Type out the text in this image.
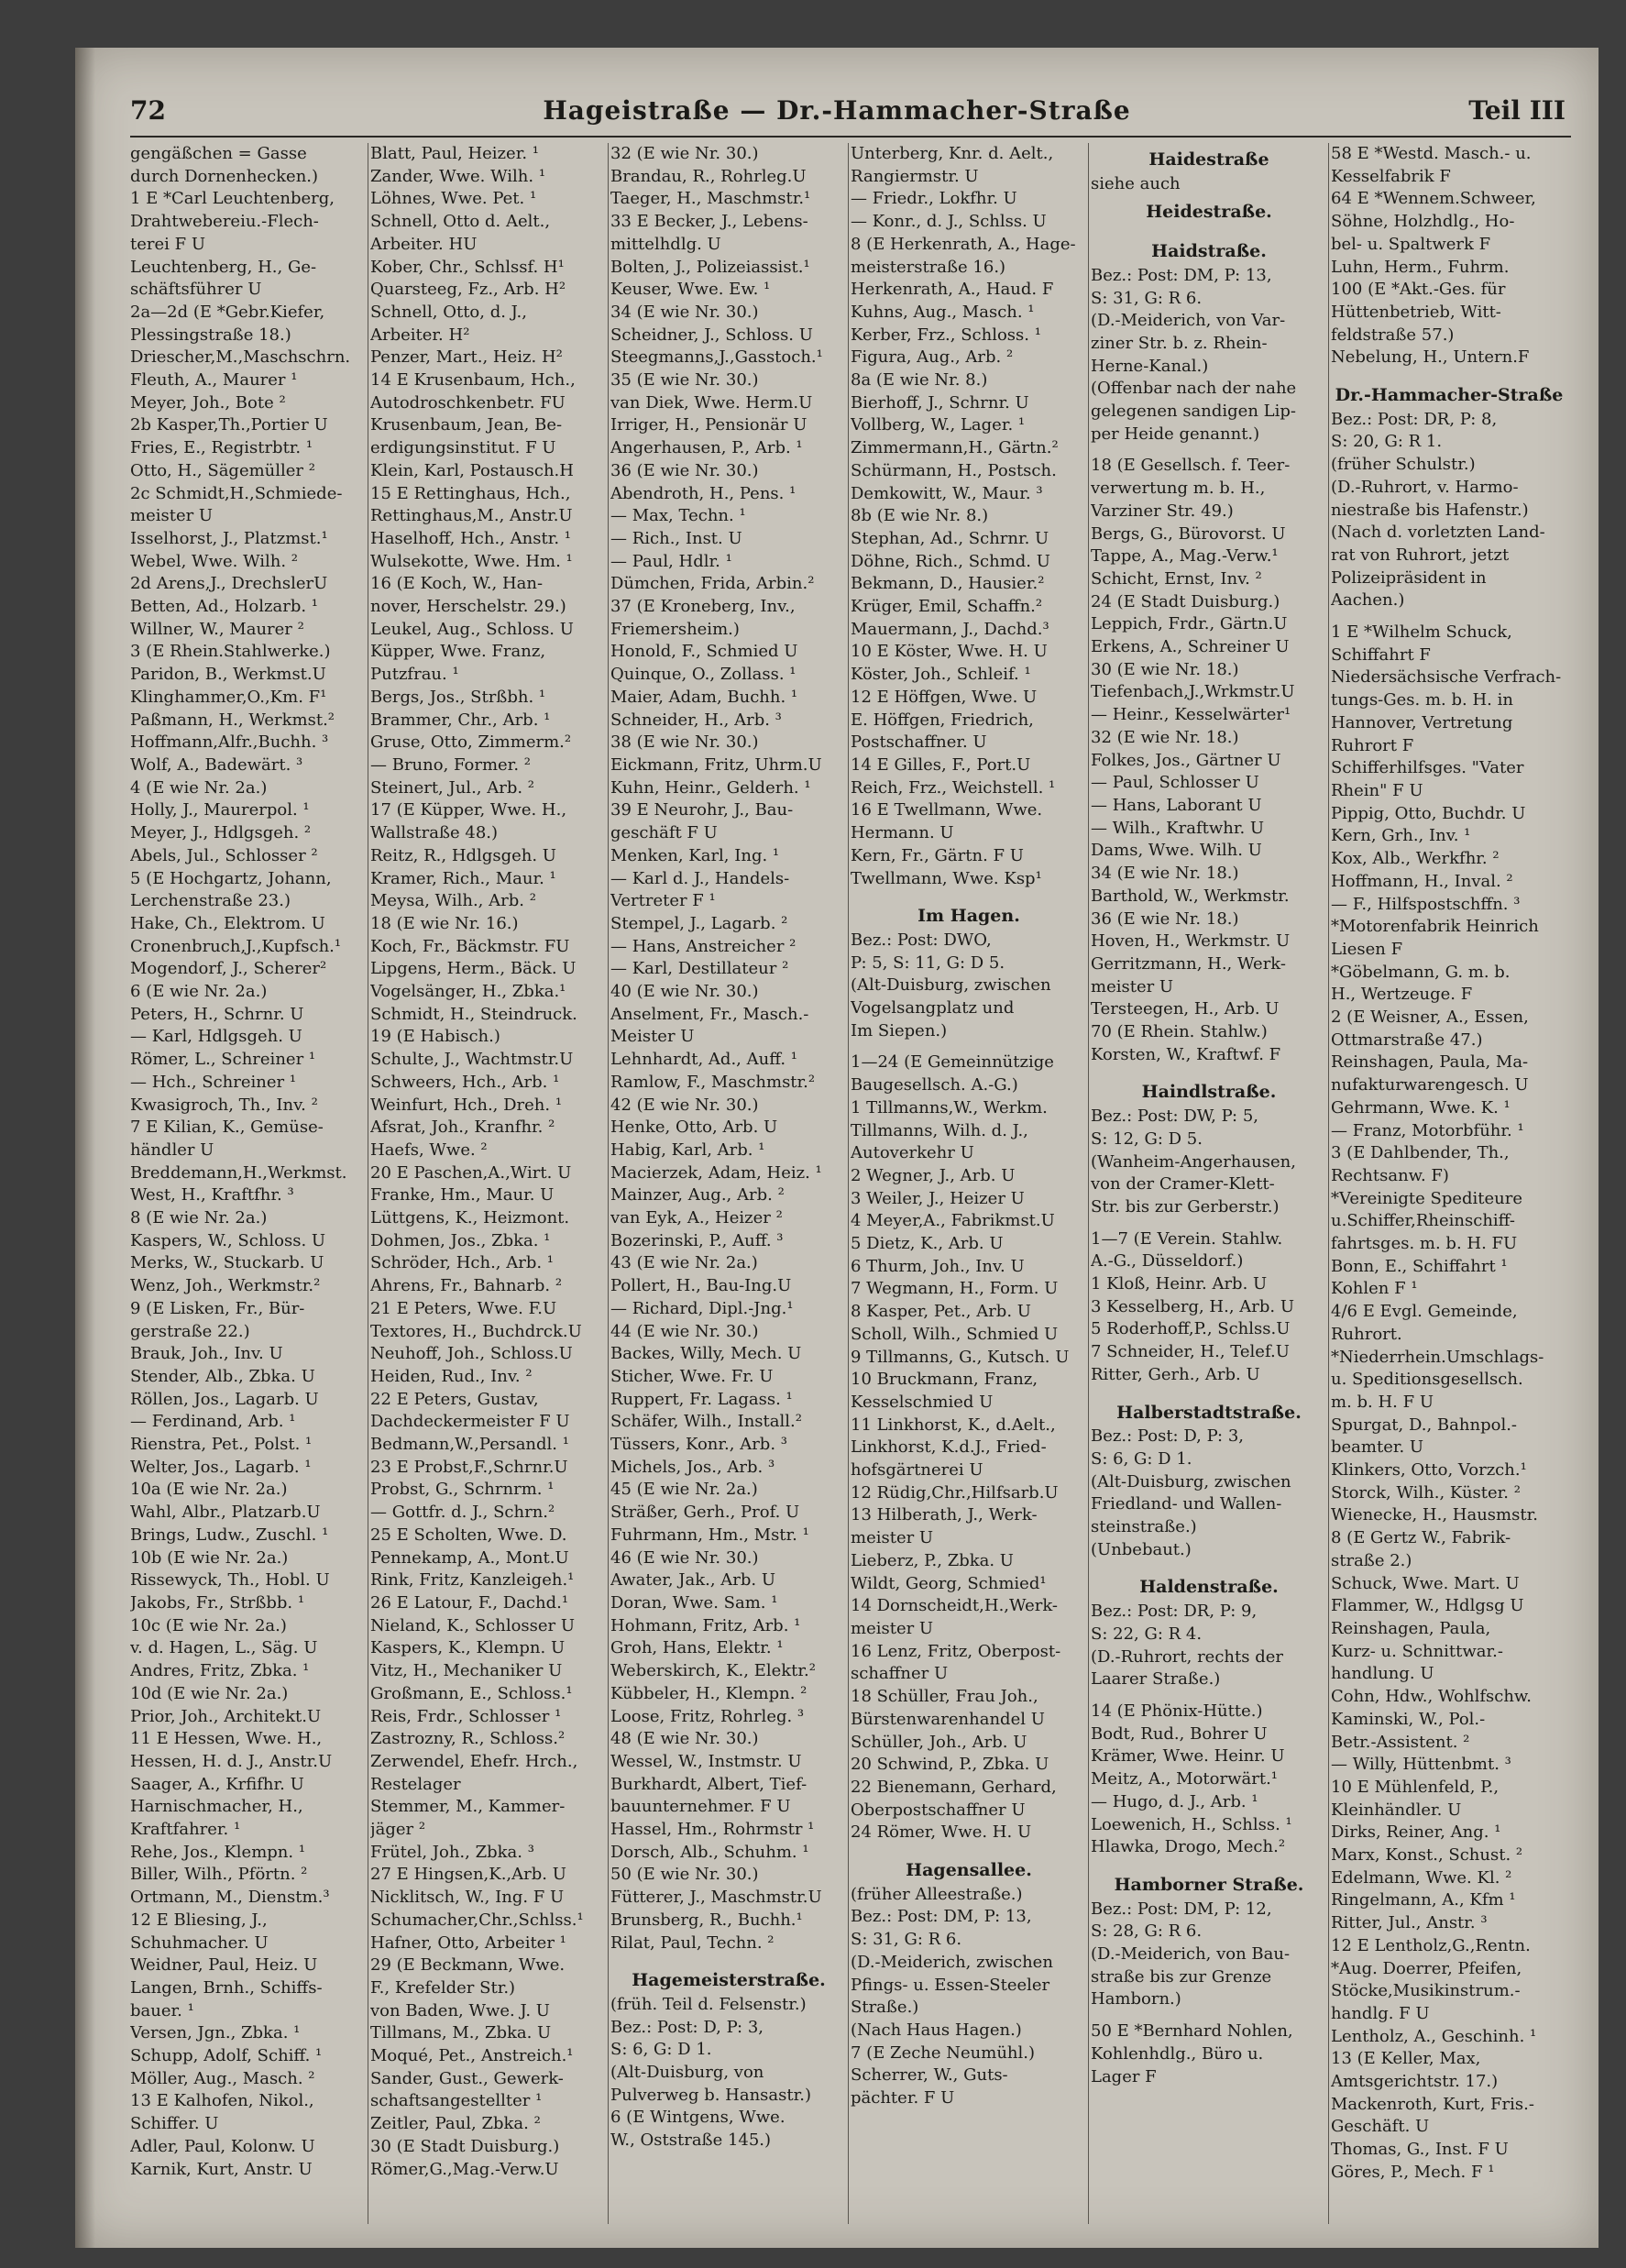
72	Hageistraße — Dr.-Hammacher-Straße	Teil III
gengäßchen = Gasse
durch Dornenhecken.)
1 E *Carl Leuchtenberg,
Drahtwebereiu.-Flech-
terei F U
Leuchtenberg, H., Ge-
schäftsführer U
2a—2d (E *Gebr.Kiefer,
Plessingstraße 18.)
Driescher,M.,Maschschrn.
Fleuth, A., Maurer ¹
Meyer, Joh., Bote ²
2b Kasper,Th.,Portier U
Fries, E., Registrbtr. ¹
Otto, H., Sägemüller ²
2c Schmidt,H.,Schmiede-
meister U
Isselhorst, J., Platzmst.¹
Webel, Wwe. Wilh. ²
2d Arens,J., DrechslerU
Betten, Ad., Holzarb. ¹
Willner, W., Maurer ²
3 (E Rhein.Stahlwerke.)
Paridon, B., Werkmst.U
Klinghammer,O.,Km. F¹
Paßmann, H., Werkmst.²
Hoffmann,Alfr.,Buchh. ³
Wolf, A., Badewärt. ³
4 (E wie Nr. 2a.)
Holly, J., Maurerpol. ¹
Meyer, J., Hdlgsgeh. ²
Abels, Jul., Schlosser ²
5 (E Hochgartz, Johann,
Lerchenstraße 23.)
Hake, Ch., Elektrom. U
Cronenbruch,J.,Kupfsch.¹
Mogendorf, J., Scherer²
6 (E wie Nr. 2a.)
Peters, H., Schrnr. U
— Karl, Hdlgsgeh. U
Römer, L., Schreiner ¹
— Hch., Schreiner ¹
Kwasigroch, Th., Inv. ²
7 E Kilian, K., Gemüse-
händler U
Breddemann,H.,Werkmst.
West, H., Kraftfhr. ³
8 (E wie Nr. 2a.)
Kaspers, W., Schloss. U
Merks, W., Stuckarb. U
Wenz, Joh., Werkmstr.²
9 (E Lisken, Fr., Bür-
gerstraße 22.)
Brauk, Joh., Inv. U
Stender, Alb., Zbka. U
Röllen, Jos., Lagarb. U
— Ferdinand, Arb. ¹
Rienstra, Pet., Polst. ¹
Welter, Jos., Lagarb. ¹
10a (E wie Nr. 2a.)
Wahl, Albr., Platzarb.U
Brings, Ludw., Zuschl. ¹
10b (E wie Nr. 2a.)
Rissewyck, Th., Hobl. U
Jakobs, Fr., Strßbb. ¹
10c (E wie Nr. 2a.)
v. d. Hagen, L., Säg. U
Andres, Fritz, Zbka. ¹
10d (E wie Nr. 2a.)
Prior, Joh., Architekt.U
11 E Hessen, Wwe. H.,
Hessen, H. d. J., Anstr.U
Saager, A., Krfifhr. U
Harnischmacher, H.,
Kraftfahrer. ¹
Rehe, Jos., Klempn. ¹
Biller, Wilh., Pförtn. ²
Ortmann, M., Dienstm.³
12 E Bliesing, J.,
Schuhmacher. U
Weidner, Paul, Heiz. U
Langen, Brnh., Schiffs-
bauer. ¹
Versen, Jgn., Zbka. ¹
Schupp, Adolf, Schiff. ¹
Möller, Aug., Masch. ²
13 E Kalhofen, Nikol.,
Schiffer. U
Adler, Paul, Kolonw. U
Karnik, Kurt, Anstr. U
Blatt, Paul, Heizer. ¹
Zander, Wwe. Wilh. ¹
Löhnes, Wwe. Pet. ¹
Schnell, Otto d. Aelt.,
Arbeiter. HU
Kober, Chr., Schlssf. H¹
Quarsteeg, Fz., Arb. H²
Schnell, Otto, d. J.,
Arbeiter. H²
Penzer, Mart., Heiz. H²
14 E Krusenbaum, Hch.,
Autodroschkenbetr. FU
Krusenbaum, Jean, Be-
erdigungsinstitut. F U
Klein, Karl, Postausch.H
15 E Rettinghaus, Hch.,
Rettinghaus,M., Anstr.U
Haselhoff, Hch., Anstr. ¹
Wulsekotte, Wwe. Hm. ¹
16 (E Koch, W., Han-
nover, Herschelstr. 29.)
Leukel, Aug., Schloss. U
Küpper, Wwe. Franz,
Putzfrau. ¹
Bergs, Jos., Strßbh. ¹
Brammer, Chr., Arb. ¹
Gruse, Otto, Zimmerm.²
— Bruno, Former. ²
Steinert, Jul., Arb. ²
17 (E Küpper, Wwe. H.,
Wallstraße 48.)
Reitz, R., Hdlgsgeh. U
Kramer, Rich., Maur. ¹
Meysa, Wilh., Arb. ²
18 (E wie Nr. 16.)
Koch, Fr., Bäckmstr. FU
Lipgens, Herm., Bäck. U
Vogelsänger, H., Zbka.¹
Schmidt, H., Steindruck.
19 (E Habisch.)
Schulte, J., Wachtmstr.U
Schweers, Hch., Arb. ¹
Weinfurt, Hch., Dreh. ¹
Afsrat, Joh., Kranfhr. ²
Haefs, Wwe. ²
20 E Paschen,A.,Wirt. U
Franke, Hm., Maur. U
Lüttgens, K., Heizmont.
Dohmen, Jos., Zbka. ¹
Schröder, Hch., Arb. ¹
Ahrens, Fr., Bahnarb. ²
21 E Peters, Wwe. F.U
Textores, H., Buchdrck.U
Neuhoff, Joh., Schloss.U
Heiden, Rud., Inv. ²
22 E Peters, Gustav,
Dachdeckermeister F U
Bedmann,W.,Persandl. ¹
23 E Probst,F.,Schrnr.U
Probst, G., Schrnrm. ¹
— Gottfr. d. J., Schrn.²
25 E Scholten, Wwe. D.
Pennekamp, A., Mont.U
Rink, Fritz, Kanzleigeh.¹
26 E Latour, F., Dachd.¹
Nieland, K., Schlosser U
Kaspers, K., Klempn. U
Vitz, H., Mechaniker U
Großmann, E., Schloss.¹
Reis, Frdr., Schlosser ¹
Zastrozny, R., Schloss.²
Zerwendel, Ehefr. Hrch.,
Restelager
Stemmer, M., Kammer-
jäger ²
Frütel, Joh., Zbka. ³
27 E Hingsen,K.,Arb. U
Nicklitsch, W., Ing. F U
Schumacher,Chr.,Schlss.¹
Hafner, Otto, Arbeiter ¹
29 (E Beckmann, Wwe.
F., Krefelder Str.)
von Baden, Wwe. J. U
Tillmans, M., Zbka. U
Moqué, Pet., Anstreich.¹
Sander, Gust., Gewerk-
schaftsangestellter ¹
Zeitler, Paul, Zbka. ²
30 (E Stadt Duisburg.)
Römer,G.,Mag.-Verw.U
32 (E wie Nr. 30.)
Brandau, R., Rohrleg.U
Taeger, H., Maschmstr.¹
33 E Becker, J., Lebens-
mittelhdlg. U
Bolten, J., Polizeiassist.¹
Keuser, Wwe. Ew. ¹
34 (E wie Nr. 30.)
Scheidner, J., Schloss. U
Steegmanns,J.,Gasstoch.¹
35 (E wie Nr. 30.)
van Diek, Wwe. Herm.U
Irriger, H., Pensionär U
Angerhausen, P., Arb. ¹
36 (E wie Nr. 30.)
Abendroth, H., Pens. ¹
— Max, Techn. ¹
— Rich., Inst. U
— Paul, Hdlr. ¹
Dümchen, Frida, Arbin.²
37 (E Kroneberg, Inv.,
Friemersheim.)
Honold, F., Schmied U
Quinque, O., Zollass. ¹
Maier, Adam, Buchh. ¹
Schneider, H., Arb. ³
38 (E wie Nr. 30.)
Eickmann, Fritz, Uhrm.U
Kuhn, Heinr., Gelderh. ¹
39 E Neurohr, J., Bau-
geschäft F U
Menken, Karl, Ing. ¹
— Karl d. J., Handels-
Vertreter F ¹
Stempel, J., Lagarb. ²
— Hans, Anstreicher ²
— Karl, Destillateur ²
40 (E wie Nr. 30.)
Anselment, Fr., Masch.-
Meister U
Lehnhardt, Ad., Auff. ¹
Ramlow, F., Maschmstr.²
42 (E wie Nr. 30.)
Henke, Otto, Arb. U
Habig, Karl, Arb. ¹
Macierzek, Adam, Heiz. ¹
Mainzer, Aug., Arb. ²
van Eyk, A., Heizer ²
Bozerinski, P., Auff. ³
43 (E wie Nr. 2a.)
Pollert, H., Bau-Ing.U
— Richard, Dipl.-Jng.¹
44 (E wie Nr. 30.)
Backes, Willy, Mech. U
Sticher, Wwe. Fr. U
Ruppert, Fr. Lagass. ¹
Schäfer, Wilh., Install.²
Tüssers, Konr., Arb. ³
Michels, Jos., Arb. ³
45 (E wie Nr. 2a.)
Sträßer, Gerh., Prof. U
Fuhrmann, Hm., Mstr. ¹
46 (E wie Nr. 30.)
Awater, Jak., Arb. U
Doran, Wwe. Sam. ¹
Hohmann, Fritz, Arb. ¹
Groh, Hans, Elektr. ¹
Weberskirch, K., Elektr.²
Kübbeler, H., Klempn. ²
Loose, Fritz, Rohrleg. ³
48 (E wie Nr. 30.)
Wessel, W., Instmstr. U
Burkhardt, Albert, Tief-
bauunternehmer. F U
Hassel, Hm., Rohrmstr ¹
Dorsch, Alb., Schuhm. ¹
50 (E wie Nr. 30.)
Fütterer, J., Maschmstr.U
Brunsberg, R., Buchh.¹
Rilat, Paul, Techn. ²

Hagemeisterstraße.
(früh. Teil d. Felsenstr.)
Bez.: Post: D, P: 3,
S: 6, G: D 1.
(Alt-Duisburg, von
Pulverweg b. Hansastr.)
6 (E Wintgens, Wwe.
W., Oststraße 145.)
Unterberg, Knr. d. Aelt.,
Rangiermstr. U
— Friedr., Lokfhr. U
— Konr., d. J., Schlss. U
8 (E Herkenrath, A., Hage-
meisterstraße 16.)
Herkenrath, A., Haud. F
Kuhns, Aug., Masch. ¹
Kerber, Frz., Schloss. ¹
Figura, Aug., Arb. ²
8a (E wie Nr. 8.)
Bierhoff, J., Schrnr. U
Vollberg, W., Lager. ¹
Zimmermann,H., Gärtn.²
Schürmann, H., Postsch.
Demkowitt, W., Maur. ³
8b (E wie Nr. 8.)
Stephan, Ad., Schrnr. U
Döhne, Rich., Schmd. U
Bekmann, D., Hausier.²
Krüger, Emil, Schaffn.²
Mauermann, J., Dachd.³
10 E Köster, Wwe. H. U
Köster, Joh., Schleif. ¹
12 E Höffgen, Wwe. U
E. Höffgen, Friedrich,
Postschaffner. U
14 E Gilles, F., Port.U
Reich, Frz., Weichstell. ¹
16 E Twellmann, Wwe.
Hermann. U
Kern, Fr., Gärtn. F U
Twellmann, Wwe. Ksp¹

Im Hagen.
Bez.: Post: DWO,
P: 5, S: 11, G: D 5.
(Alt-Duisburg, zwischen
Vogelsangplatz und
Im Siepen.)

1—24 (E Gemeinnützige
Baugesellsch. A.-G.)
1 Tillmanns,W., Werkm.
Tillmanns, Wilh. d. J.,
Autoverkehr U
2 Wegner, J., Arb. U
3 Weiler, J., Heizer U
4 Meyer,A., Fabrikmst.U
5 Dietz, K., Arb. U
6 Thurm, Joh., Inv. U
7 Wegmann, H., Form. U
8 Kasper, Pet., Arb. U
Scholl, Wilh., Schmied U
9 Tillmanns, G., Kutsch. U
10 Bruckmann, Franz,
Kesselschmied U
11 Linkhorst, K., d.Aelt.,
Linkhorst, K.d.J., Fried-
hofsgärtnerei U
12 Rüdig,Chr.,Hilfsarb.U
13 Hilberath, J., Werk-
meister U
Lieberz, P., Zbka. U
Wildt, Georg, Schmied¹
14 Dornscheidt,H.,Werk-
meister U
16 Lenz, Fritz, Oberpost-
schaffner U
18 Schüller, Frau Joh.,
Bürstenwarenhandel U
Schüller, Joh., Arb. U
20 Schwind, P., Zbka. U
22 Bienemann, Gerhard,
Oberpostschaffner U
24 Römer, Wwe. H. U

Hagensallee.
(früher Alleestraße.)
Bez.: Post: DM, P: 13,
S: 31, G: R 6.
(D.-Meiderich, zwischen
Pfings- u. Essen-Steeler
Straße.)
(Nach Haus Hagen.)
7 (E Zeche Neumühl.)
Scherrer, W., Guts-
pächter. F U
Haidestraße
siehe auch
Heidestraße.

Haidstraße.
Bez.: Post: DM, P: 13,
S: 31, G: R 6.
(D.-Meiderich, von Var-
ziner Str. b. z. Rhein-
Herne-Kanal.)
(Offenbar nach der nahe
gelegenen sandigen Lip-
per Heide genannt.)

18 (E Gesellsch. f. Teer-
verwertung m. b. H.,
Varziner Str. 49.)
Bergs, G., Bürovorst. U
Tappe, A., Mag.-Verw.¹
Schicht, Ernst, Inv. ²
24 (E Stadt Duisburg.)
Leppich, Frdr., Gärtn.U
Erkens, A., Schreiner U
30 (E wie Nr. 18.)
Tiefenbach,J.,Wrkmstr.U
— Heinr., Kesselwärter¹
32 (E wie Nr. 18.)
Folkes, Jos., Gärtner U
— Paul, Schlosser U
— Hans, Laborant U
— Wilh., Kraftwhr. U
Dams, Wwe. Wilh. U
34 (E wie Nr. 18.)
Barthold, W., Werkmstr.
36 (E wie Nr. 18.)
Hoven, H., Werkmstr. U
Gerritzmann, H., Werk-
meister U
Tersteegen, H., Arb. U
70 (E Rhein. Stahlw.)
Korsten, W., Kraftwf. F

Haindlstraße.
Bez.: Post: DW, P: 5,
S: 12, G: D 5.
(Wanheim-Angerhausen,
von der Cramer-Klett-
Str. bis zur Gerberstr.)

1—7 (E Verein. Stahlw.
A.-G., Düsseldorf.)
1 Kloß, Heinr. Arb. U
3 Kesselberg, H., Arb. U
5 Roderhoff,P., Schlss.U
7 Schneider, H., Telef.U
Ritter, Gerh., Arb. U

Halberstadtstraße.
Bez.: Post: D, P: 3,
S: 6, G: D 1.
(Alt-Duisburg, zwischen
Friedland- und Wallen-
steinstraße.)
(Unbebaut.)

Haldenstraße.
Bez.: Post: DR, P: 9,
S: 22, G: R 4.
(D.-Ruhrort, rechts der
Laarer Straße.)

14 (E Phönix-Hütte.)
Bodt, Rud., Bohrer U
Krämer, Wwe. Heinr. U
Meitz, A., Motorwärt.¹
— Hugo, d. J., Arb. ¹
Loewenich, H., Schlss. ¹
Hlawka, Drogo, Mech.²

Hamborner Straße.
Bez.: Post: DM, P: 12,
S: 28, G: R 6.
(D.-Meiderich, von Bau-
straße bis zur Grenze
Hamborn.)

50 E *Bernhard Nohlen,
Kohlenhdlg., Büro u.
Lager F
58 E *Westd. Masch.- u.
Kesselfabrik F
64 E *Wennem.Schweer,
Söhne, Holzhdlg., Ho-
bel- u. Spaltwerk F
Luhn, Herm., Fuhrm.
100 (E *Akt.-Ges. für
Hüttenbetrieb, Witt-
feldstraße 57.)
Nebelung, H., Untern.F

Dr.-Hammacher-Straße
Bez.: Post: DR, P: 8,
S: 20, G: R 1.
(früher Schulstr.)
(D.-Ruhrort, v. Harmo-
niestraße bis Hafenstr.)
(Nach d. vorletzten Land-
rat von Ruhrort, jetzt
Polizeipräsident in
Aachen.)

1 E *Wilhelm Schuck,
Schiffahrt F
Niedersächsische Verfrach-
tungs-Ges. m. b. H. in
Hannover, Vertretung
Ruhrort F
Schifferhilfsges. "Vater
Rhein" F U
Pippig, Otto, Buchdr. U
Kern, Grh., Inv. ¹
Kox, Alb., Werkfhr. ²
Hoffmann, H., Inval. ²
— F., Hilfspostschffn. ³
*Motorenfabrik Heinrich
Liesen F
*Göbelmann, G. m. b.
H., Wertzeuge. F
2 (E Weisner, A., Essen,
Ottmarstraße 47.)
Reinshagen, Paula, Ma-
nufakturwarengesch. U
Gehrmann, Wwe. K. ¹
— Franz, Motorbführ. ¹
3 (E Dahlbender, Th.,
Rechtsanw. F)
*Vereinigte Spediteure
u.Schiffer,Rheinschiff-
fahrtsges. m. b. H. FU
Bonn, E., Schiffahrt ¹
Kohlen F ¹
4/6 E Evgl. Gemeinde,
Ruhrort.
*Niederrhein.Umschlags-
u. Speditionsgesellsch.
m. b. H. F U
Spurgat, D., Bahnpol.-
beamter. U
Klinkers, Otto, Vorzch.¹
Storck, Wilh., Küster. ²
Wienecke, H., Hausmstr.
8 (E Gertz W., Fabrik-
straße 2.)
Schuck, Wwe. Mart. U
Flammer, W., Hdlgsg U
Reinshagen, Paula,
Kurz- u. Schnittwar.-
handlung. U
Cohn, Hdw., Wohlfschw.
Kaminski, W., Pol.-
Betr.-Assistent. ²
— Willy, Hüttenbmt. ³
10 E Mühlenfeld, P.,
Kleinhändler. U
Dirks, Reiner, Ang. ¹
Marx, Konst., Schust. ²
Edelmann, Wwe. Kl. ²
Ringelmann, A., Kfm ¹
Ritter, Jul., Anstr. ³
12 E Lentholz,G.,Rentn.
*Aug. Doerrer, Pfeifen,
Stöcke,Musikinstrum.-
handlg. F U
Lentholz, A., Geschinh. ¹
13 (E Keller, Max,
Amtsgerichtstr. 17.)
Mackenroth, Kurt, Fris.-
Geschäft. U
Thomas, G., Inst. F U
Göres, P., Mech. F ¹
